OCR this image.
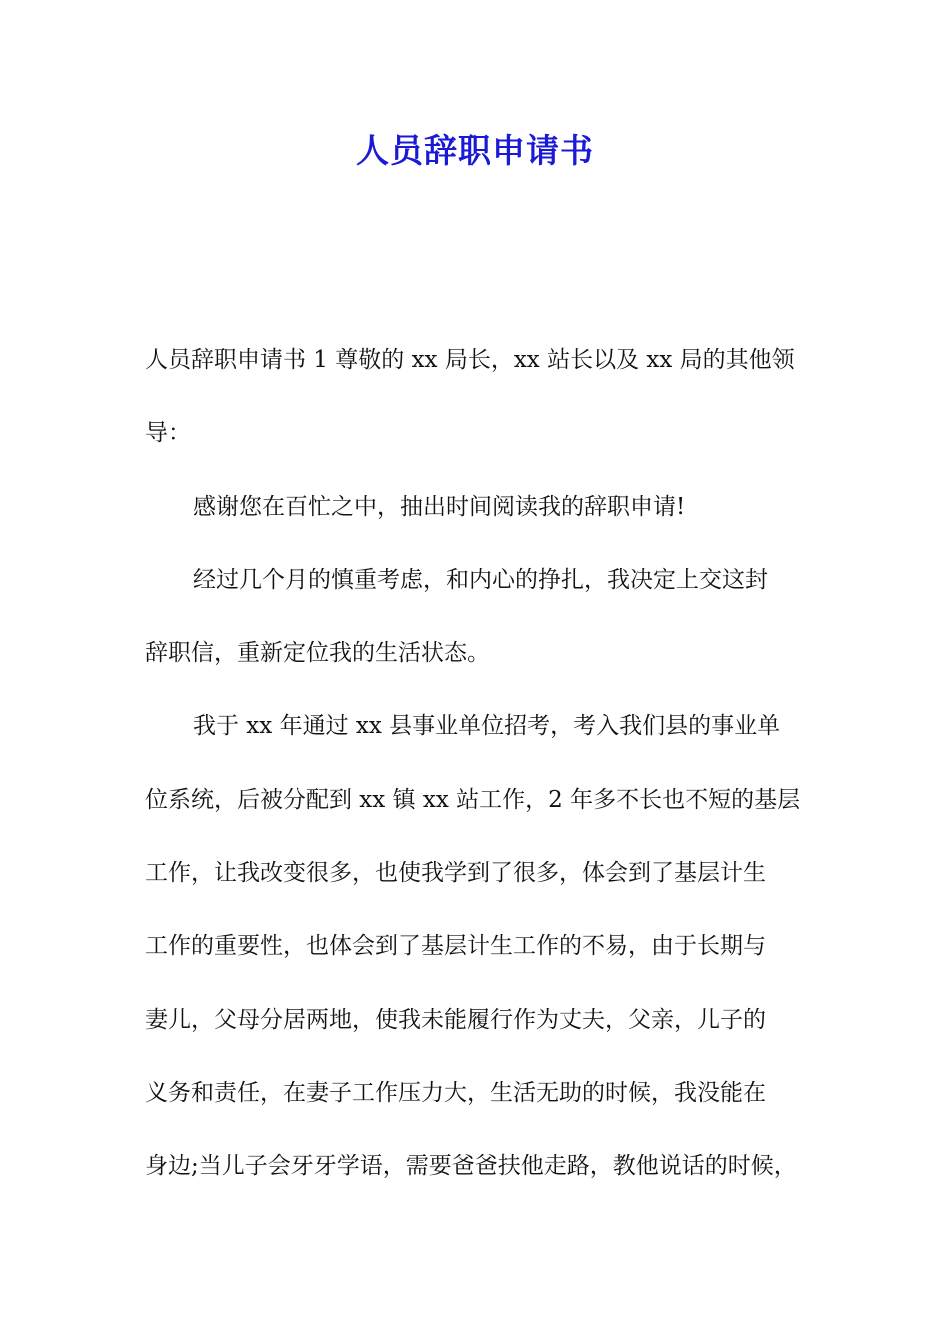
人员辞职申请书
人员辞职申请书 1 尊敬的 xx 局长，xx 站长以及 xx 局的其他领
导：
感谢您在百忙之中，抽出时间阅读我的辞职申请!
经过几个月的慎重考虑，和内心的挣扎，我决定上交这封
辞职信，重新定位我的生活状态。
我于 xx 年通过 xx 县事业单位招考，考入我们县的事业单
位系统，后被分配到 xx 镇 xx 站工作，2 年多不长也不短的基层
工作，让我改变很多，也使我学到了很多，体会到了基层计生
工作的重要性，也体会到了基层计生工作的不易，由于长期与
妻儿，父母分居两地，使我未能履行作为丈夫，父亲，儿子的
义务和责任，在妻子工作压力大，生活无助的时候，我没能在
身边;当儿子会牙牙学语，需要爸爸扶他走路，教他说话的时候，
